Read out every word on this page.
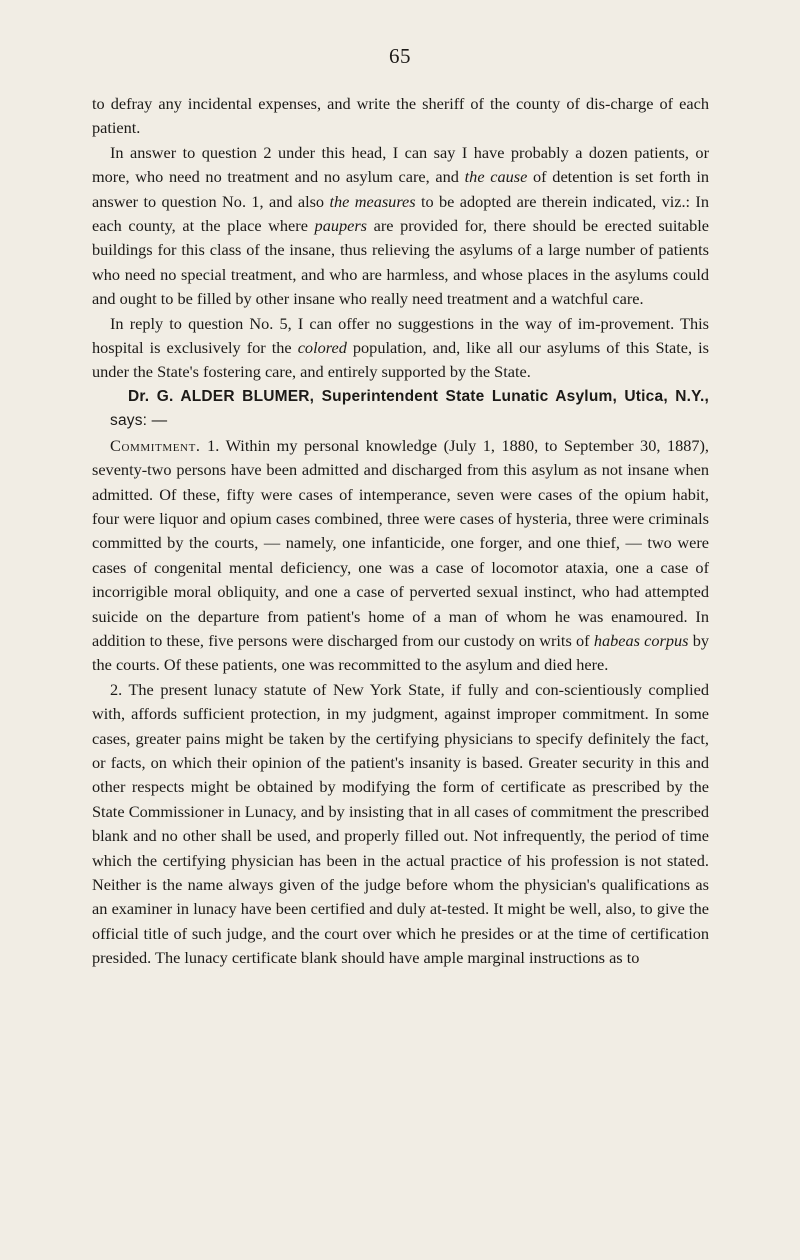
65

to defray any incidental expenses, and write the sheriff of the county of dis-charge of each patient.

In answer to question 2 under this head, I can say I have probably a dozen patients, or more, who need no treatment and no asylum care, and the cause of detention is set forth in answer to question No. 1, and also the measures to be adopted are therein indicated, viz.: In each county, at the place where paupers are provided for, there should be erected suitable buildings for this class of the insane, thus relieving the asylums of a large number of patients who need no special treatment, and who are harmless, and whose places in the asylums could and ought to be filled by other insane who really need treatment and a watchful care.

In reply to question No. 5, I can offer no suggestions in the way of im-provement. This hospital is exclusively for the colored population, and, like all our asylums of this State, is under the State's fostering care, and entirely supported by the State.

Dr. G. ALDER BLUMER, Superintendent State Lunatic Asylum, Utica, N.Y., says: —

Commitment. 1. Within my personal knowledge (July 1, 1880, to September 30, 1887), seventy-two persons have been admitted and discharged from this asylum as not insane when admitted. Of these, fifty were cases of intemperance, seven were cases of the opium habit, four were liquor and opium cases combined, three were cases of hysteria, three were criminals committed by the courts, — namely, one infanticide, one forger, and one thief, — two were cases of congenital mental deficiency, one was a case of locomotor ataxia, one a case of incorrigible moral obliquity, and one a case of perverted sexual instinct, who had attempted suicide on the departure from patient's home of a man of whom he was enamoured. In addition to these, five persons were discharged from our custody on writs of habeas corpus by the courts. Of these patients, one was recommitted to the asylum and died here.

2. The present lunacy statute of New York State, if fully and con-scientiously complied with, affords sufficient protection, in my judgment, against improper commitment. In some cases, greater pains might be taken by the certifying physicians to specify definitely the fact, or facts, on which their opinion of the patient's insanity is based. Greater security in this and other respects might be obtained by modifying the form of certificate as prescribed by the State Commissioner in Lunacy, and by insisting that in all cases of commitment the prescribed blank and no other shall be used, and properly filled out. Not infrequently, the period of time which the certifying physician has been in the actual practice of his profession is not stated. Neither is the name always given of the judge before whom the physician's qualifications as an examiner in lunacy have been certified and duly at-tested. It might be well, also, to give the official title of such judge, and the court over which he presides or at the time of certification presided. The lunacy certificate blank should have ample marginal instructions as to
